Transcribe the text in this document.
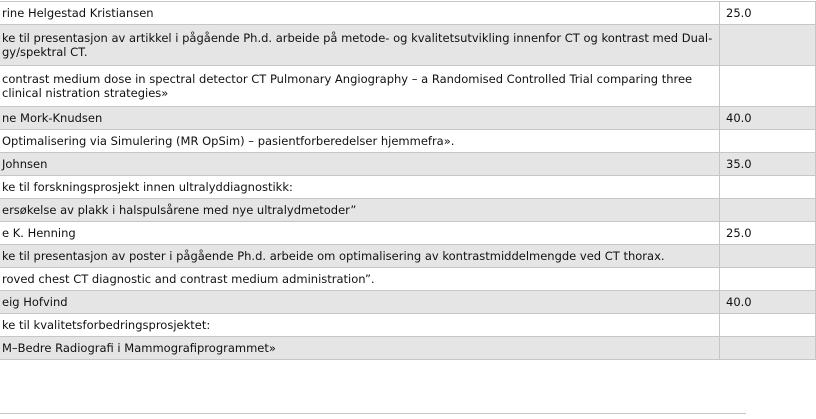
rine Helgestad Kristiansen	25.0
ke til presentasjon av artikkel i pågående Ph.d. arbeide på metode- og kvalitetsutvikling innenfor CT og kontrast med Dual-gy/spektral CT.	
contrast medium dose in spectral detector CT Pulmonary Angiography – a Randomised Controlled Trial comparing three clinical nistration strategies»	
ne Mork-Knudsen	40.0
Optimalisering via Simulering (MR OpSim) – pasientforberedelser hjemmefra».	
Johnsen	35.0
ke til forskningsprosjekt innen ultralyddiagnostikk:	
ersøkelse av plakk i halspulsårene med nye ultralydmetoder”	
e K. Henning	25.0
ke til presentasjon av poster i pågående Ph.d. arbeide om optimalisering av kontrastmiddelmengde ved CT thorax.	
roved chest CT diagnostic and contrast medium administration”.	
eig Hofvind	40.0
ke til kvalitetsforbedringsprosjektet:	
M–Bedre Radiografi i Mammografiprogrammet»	
